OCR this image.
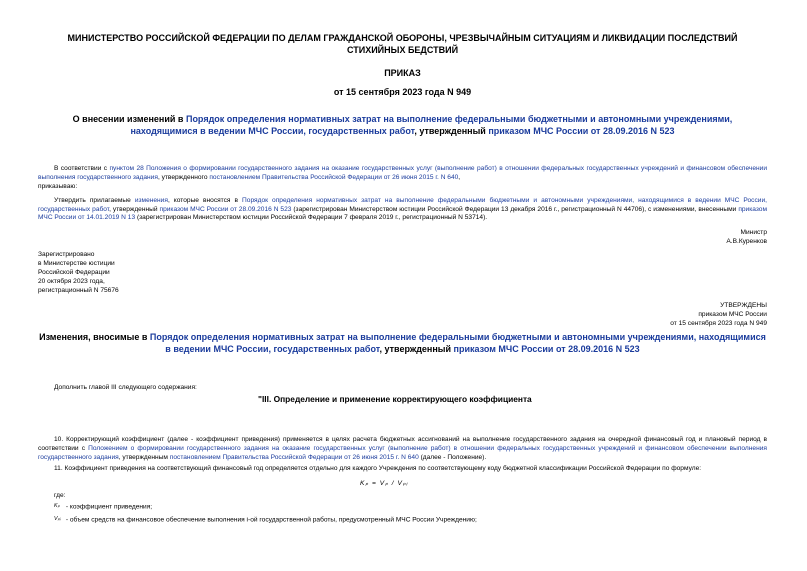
МИНИСТЕРСТВО РОССИЙСКОЙ ФЕДЕРАЦИИ ПО ДЕЛАМ ГРАЖДАНСКОЙ ОБОРОНЫ, ЧРЕЗВЫЧАЙНЫМ СИТУАЦИЯМ И ЛИКВИДАЦИИ ПОСЛЕДСТВИЙ СТИХИЙНЫХ БЕДСТВИЙ
ПРИКАЗ
от 15 сентября 2023 года N 949
О внесении изменений в Порядок определения нормативных затрат на выполнение федеральными бюджетными и автономными учреждениями, находящимися в ведении МЧС России, государственных работ, утвержденный приказом МЧС России от 28.09.2016 N 523
В соответствии с пунктом 28 Положения о формировании государственного задания на оказание государственных услуг (выполнение работ) в отношении федеральных государственных учреждений и финансовом обеспечении выполнения государственного задания, утвержденного постановлением Правительства Российской Федерации от 26 июня 2015 г. N 640,
приказываю:
Утвердить прилагаемые изменения, которые вносятся в Порядок определения нормативных затрат на выполнение федеральными бюджетными и автономными учреждениями, находящимися в ведении МЧС России, государственных работ, утвержденный приказом МЧС России от 28.09.2016 N 523 (зарегистрирован Министерством юстиции Российской Федерации 13 декабря 2016 г., регистрационный N 44706), с изменениями, внесенными приказом МЧС России от 14.01.2019 N 13 (зарегистрирован Министерством юстиции Российской Федерации 7 февраля 2019 г., регистрационный N 53714).
Министр
А.В.Куренков
Зарегистрировано
в Министерстве юстиции
Российской Федерации
20 октября 2023 года,
регистрационный N 75676
УТВЕРЖДЕНЫ
приказом МЧС России
от 15 сентября 2023 года N 949
Изменения, вносимые в Порядок определения нормативных затрат на выполнение федеральными бюджетными и автономными учреждениями, находящимися в ведении МЧС России, государственных работ, утвержденный приказом МЧС России от 28.09.2016 N 523
Дополнить главой III следующего содержания:
"III. Определение и применение корректирующего коэффициента
10. Корректирующий коэффициент (далее - коэффициент приведения) применяется в целях расчета бюджетных ассигнований на выполнение государственного задания на очередной финансовый год и плановый период в соответствии с Положением о формировании государственного задания на оказание государственных услуг (выполнение работ) в отношении федеральных государственных учреждений и финансовом обеспечении выполнения государственного задания, утвержденным постановлением Правительства Российской Федерации от 26 июня 2015 г. N 640 (далее - Положение).
11. Коэффициент приведения на соответствующий финансовый год определяется отдельно для каждого Учреждения по соответствующему коду бюджетной классификации Российской Федерации по формуле:
Kₚ = Vₚ / Vₚᵢ
где:
Kₚ - коэффициент приведения;
Vₚᵢ - объем средств на финансовое обеспечение выполнения i-ой государственной работы, предусмотренный МЧС России Учреждению;
